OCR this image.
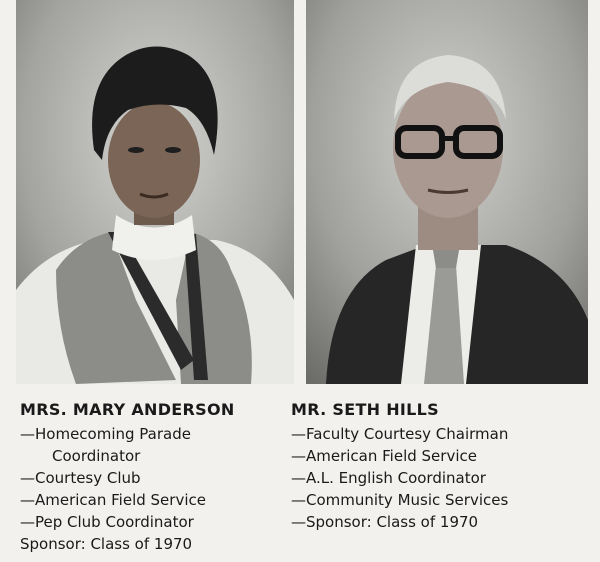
MRS. MARY ANDERSON
—Homecoming Parade
Coordinator
—Courtesy Club
—American Field Service
—Pep Club Coordinator
Sponsor: Class of 1970
MR. SETH HILLS
—Faculty Courtesy Chairman
—American Field Service
—A.L. English Coordinator
—Community Music Services
—Sponsor: Class of 1970
